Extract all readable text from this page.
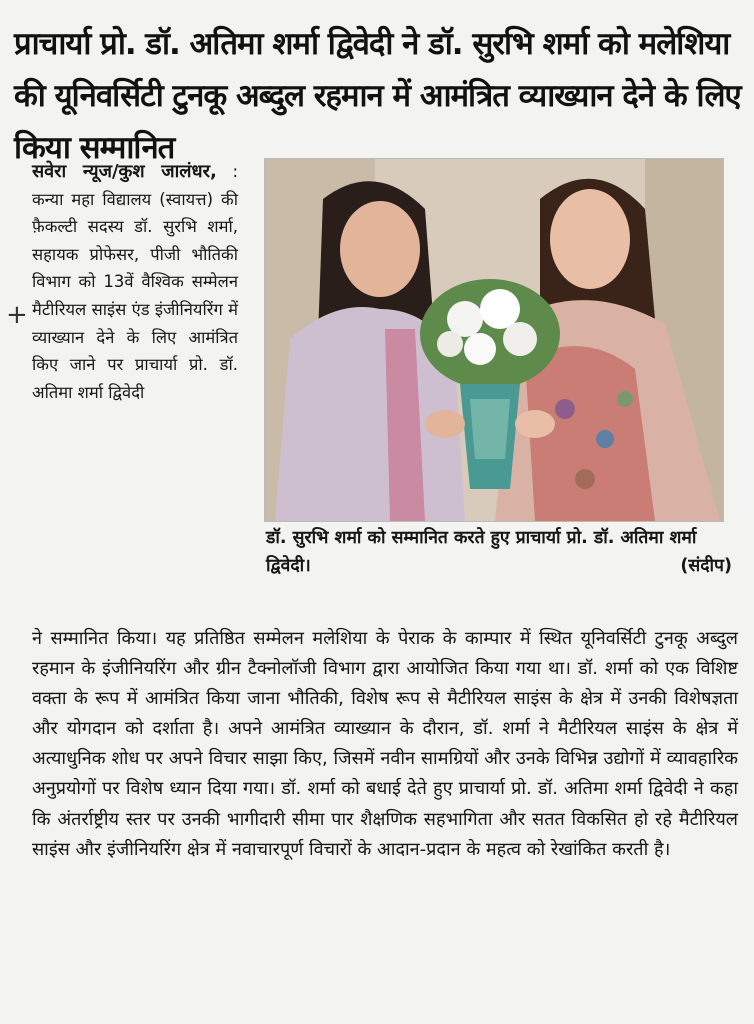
प्राचार्या प्रो. डॉ. अतिमा शर्मा द्विवेदी ने डॉ. सुरभि शर्मा को मलेशिया की यूनिवर्सिटी टुनकू अब्दुल रहमान में आमंत्रित व्याख्यान देने के लिए किया सम्मानित
+
सवेरा न्यूज/कुश जालंधर, : कन्या महा विद्यालय (स्वायत्त) की फ़ैकल्टी सदस्य डॉ. सुरभि शर्मा, सहायक प्रोफेसर, पीजी भौतिकी विभाग को 13वें वैश्विक सम्मेलन मैटीरियल साइंस एंड इंजीनियरिंग में व्याख्यान देने के लिए आमंत्रित किए जाने पर प्राचार्या प्रो. डॉ. अतिमा शर्मा द्विवेदी
डॉ. सुरभि शर्मा को सम्मानित करते हुए प्राचार्या प्रो. डॉ. अतिमा शर्मा द्विवेदी।	(संदीप)
ने सम्मानित किया। यह प्रतिष्ठित सम्मेलन मलेशिया के पेराक के काम्पार में स्थित यूनिवर्सिटी टुनकू अब्दुल रहमान के इंजीनियरिंग और ग्रीन टैक्नोलॉजी विभाग द्वारा आयोजित किया गया था। डॉ. शर्मा को एक विशिष्ट वक्ता के रूप में आमंत्रित किया जाना भौतिकी, विशेष रूप से मैटीरियल साइंस के क्षेत्र में उनकी विशेषज्ञता और योगदान को दर्शाता है। अपने आमंत्रित व्याख्यान के दौरान, डॉ. शर्मा ने मैटीरियल साइंस के क्षेत्र में अत्याधुनिक शोध पर अपने विचार साझा किए, जिसमें नवीन सामग्रियों और उनके विभिन्न उद्योगों में व्यावहारिक अनुप्रयोगों पर विशेष ध्यान दिया गया। डॉ. शर्मा को बधाई देते हुए प्राचार्या प्रो. डॉ. अतिमा शर्मा द्विवेदी ने कहा कि अंतर्राष्ट्रीय स्तर पर उनकी भागीदारी सीमा पार शैक्षणिक सहभागिता और सतत विकसित हो रहे मैटीरियल साइंस और इंजीनियरिंग क्षेत्र में नवाचारपूर्ण विचारों के आदान-प्रदान के महत्व को रेखांकित करती है।
